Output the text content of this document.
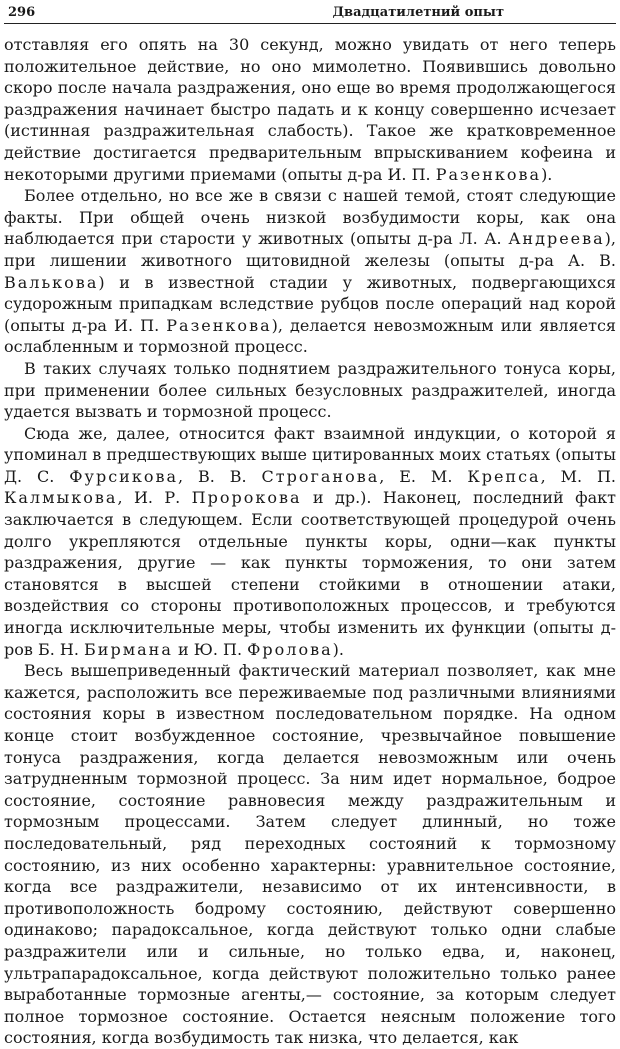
296	Двадцатилетний опыт

отставляя его опять на 30 секунд, можно увидать от него теперь положительное действие, но оно мимолетно. Появившись довольно скоро после начала раздражения, оно еще во время продолжающегося раздражения начинает быстро падать и к концу совершенно исчезает (истинная раздражительная слабость). Такое же кратковременное действие достигается предварительным впрыскиванием кофеина и некоторыми другими приемами (опыты д-ра И. П. Разенкова).

Более отдельно, но все же в связи с нашей темой, стоят следующие факты. При общей очень низкой возбудимости коры, как она наблюдается при старости у животных (опыты д-ра Л. А. Андреева), при лишении животного щитовидной железы (опыты д-ра А. В. Валькова) и в известной стадии у животных, подвергающихся судорожным припадкам вследствие рубцов после операций над корой (опыты д-ра И. П. Разенкова), делается невозможным или является ослабленным и тормозной процесс.

В таких случаях только поднятием раздражительного тонуса коры, при применении более сильных безусловных раздражителей, иногда удается вызвать и тормозной процесс.

Сюда же, далее, относится факт взаимной индукции, о которой я упоминал в предшествующих выше цитированных моих статьях (опыты Д. С. Фурсикова, В. В. Строганова, Е. М. Крепса, М. П. Калмыкова, И. Р. Пророкова и др.). Наконец, последний факт заключается в следующем. Если соответствующей процедурой очень долго укрепляются отдельные пункты коры, одни—как пункты раздражения, другие — как пункты торможения, то они затем становятся в высшей степени стойкими в отношении атаки, воздействия со стороны противоположных процессов, и требуются иногда исключительные меры, чтобы изменить их функции (опыты д-ров Б. Н. Бирмана и Ю. П. Фролова).

Весь вышеприведенный фактический материал позволяет, как мне кажется, расположить все переживаемые под различными влияниями состояния коры в известном последовательном порядке. На одном конце стоит возбужденное состояние, чрезвычайное повышение тонуса раздражения, когда делается невозможным или очень затрудненным тормозной процесс. За ним идет нормальное, бодрое состояние, состояние равновесия между раздражительным и тормозным процессами. Затем следует длинный, но тоже последовательный, ряд переходных состояний к тормозному состоянию, из них особенно характерны: уравнительное состояние, когда все раздражители, независимо от их интенсивности, в противоположность бодрому состоянию, действуют совершенно одинаково; парадоксальное, когда действуют только одни слабые раздражители или и сильные, но только едва, и, наконец, ультрапарадоксальное, когда действуют положительно только ранее выработанные тормозные агенты,— состояние, за которым следует полное тормозное состояние. Остается неясным положение того состояния, когда возбудимость так низка, что делается, как
